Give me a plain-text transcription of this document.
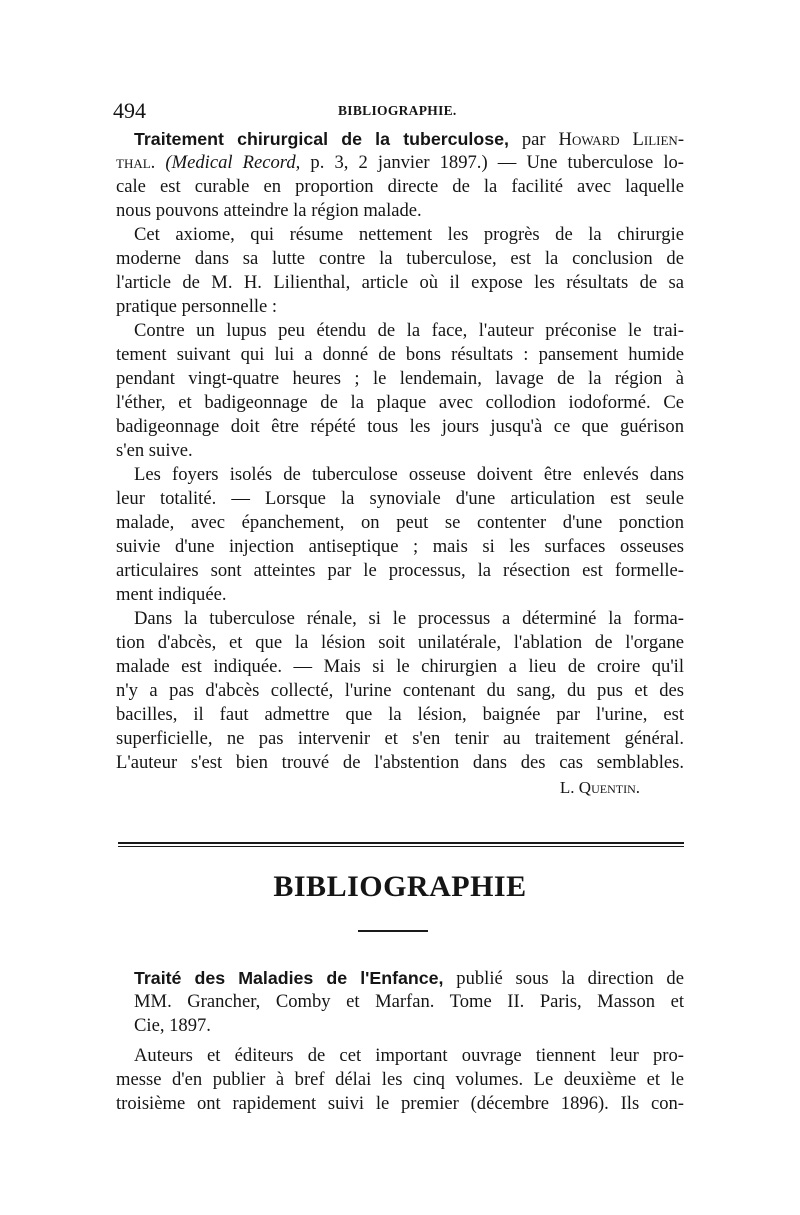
494	BIBLIOGRAPHIE.
Traitement chirurgical de la tuberculose, par Howard Lilien-
thal. (Medical Record, p. 3, 2 janvier 1897.) — Une tuberculose lo-
cale est curable en proportion directe de la facilité avec laquelle
nous pouvons atteindre la région malade.
Cet axiome, qui résume nettement les progrès de la chirurgie
moderne dans sa lutte contre la tuberculose, est la conclusion de
l'article de M. H. Lilienthal, article où il expose les résultats de sa
pratique personnelle :
Contre un lupus peu étendu de la face, l'auteur préconise le trai-
tement suivant qui lui a donné de bons résultats : pansement humide
pendant vingt-quatre heures ; le lendemain, lavage de la région à
l'éther, et badigeonnage de la plaque avec collodion iodoformé. Ce
badigeonnage doit être répété tous les jours jusqu'à ce que guérison
s'en suive.
Les foyers isolés de tuberculose osseuse doivent être enlevés dans
leur totalité. — Lorsque la synoviale d'une articulation est seule
malade, avec épanchement, on peut se contenter d'une ponction
suivie d'une injection antiseptique ; mais si les surfaces osseuses
articulaires sont atteintes par le processus, la résection est formelle-
ment indiquée.
Dans la tuberculose rénale, si le processus a déterminé la forma-
tion d'abcès, et que la lésion soit unilatérale, l'ablation de l'organe
malade est indiquée. — Mais si le chirurgien a lieu de croire qu'il
n'y a pas d'abcès collecté, l'urine contenant du sang, du pus et des
bacilles, il faut admettre que la lésion, baignée par l'urine, est
superficielle, ne pas intervenir et s'en tenir au traitement général.
L'auteur s'est bien trouvé de l'abstention dans des cas semblables.
L. Quentin.
BIBLIOGRAPHIE
Traité des Maladies de l'Enfance, publié sous la direction de
MM. Grancher, Comby et Marfan. Tome II. Paris, Masson et
Cie, 1897.
Auteurs et éditeurs de cet important ouvrage tiennent leur pro-
messe d'en publier à bref délai les cinq volumes. Le deuxième et le
troisième ont rapidement suivi le premier (décembre 1896). Ils con-
